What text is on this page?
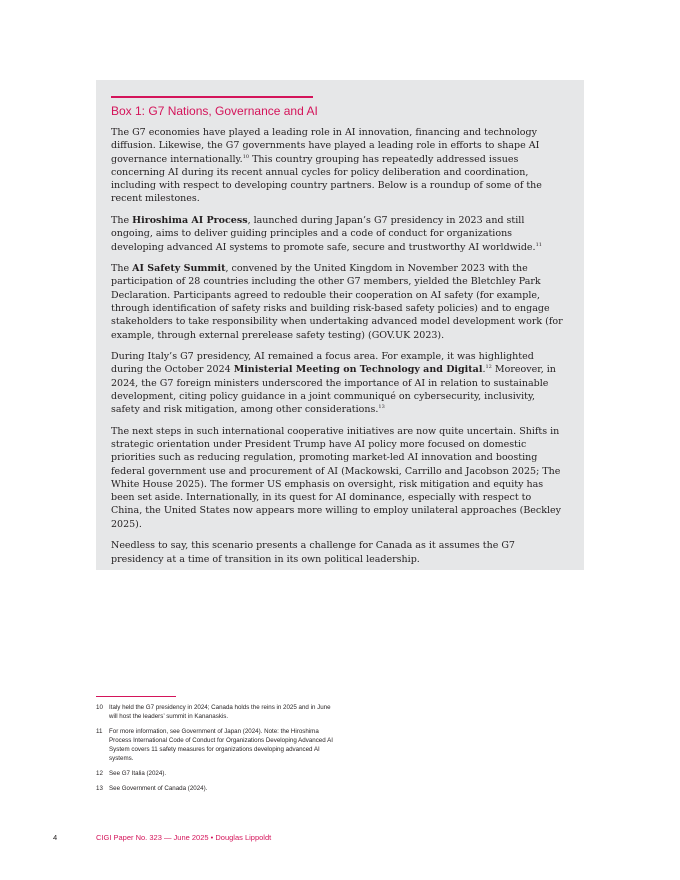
Box 1: G7 Nations, Governance and AI

The G7 economies have played a leading role in AI innovation, financing and technology diffusion. Likewise, the G7 governments have played a leading role in efforts to shape AI governance internationally.$^{10}$ This country grouping has repeatedly addressed issues concerning AI during its recent annual cycles for policy deliberation and coordination, including with respect to developing country partners. Below is a roundup of some of the recent milestones.

The Hiroshima AI Process, launched during Japan’s G7 presidency in 2023 and still ongoing, aims to deliver guiding principles and a code of conduct for organizations developing advanced AI systems to promote safe, secure and trustworthy AI worldwide.$^{11}$

The AI Safety Summit, convened by the United Kingdom in November 2023 with the participation of 28 countries including the other G7 members, yielded the Bletchley Park Declaration. Participants agreed to redouble their cooperation on AI safety (for example, through identification of safety risks and building risk-based safety policies) and to engage stakeholders to take responsibility when undertaking advanced model development work (for example, through external prerelease safety testing) (GOV.UK 2023).

During Italy’s G7 presidency, AI remained a focus area. For example, it was highlighted during the October 2024 Ministerial Meeting on Technology and Digital.$^{12}$ Moreover, in 2024, the G7 foreign ministers underscored the importance of AI in relation to sustainable development, citing policy guidance in a joint communiqué on cybersecurity, inclusivity, safety and risk mitigation, among other considerations.$^{13}$

The next steps in such international cooperative initiatives are now quite uncertain. Shifts in strategic orientation under President Trump have AI policy more focused on domestic priorities such as reducing regulation, promoting market-led AI innovation and boosting federal government use and procurement of AI (Mackowski, Carrillo and Jacobson 2025; The White House 2025). The former US emphasis on oversight, risk mitigation and equity has been set aside. Internationally, in its quest for AI dominance, especially with respect to China, the United States now appears more willing to employ unilateral approaches (Beckley 2025).

Needless to say, this scenario presents a challenge for Canada as it assumes the G7 presidency at a time of transition in its own political leadership.

10 Italy held the G7 presidency in 2024; Canada holds the reins in 2025 and in June will host the leaders’ summit in Kananaskis.
11	For more information, see Government of Japan (2024). Note: the Hiroshima Process International Code of Conduct for Organizations Developing Advanced AI System covers 11 safety measures for organizations developing advanced AI systems.
12 See G7 Italia (2024).
13 See Government of Canada (2024).
4	CIGI Paper No. 323 — June 2025 • Douglas Lippoldt
